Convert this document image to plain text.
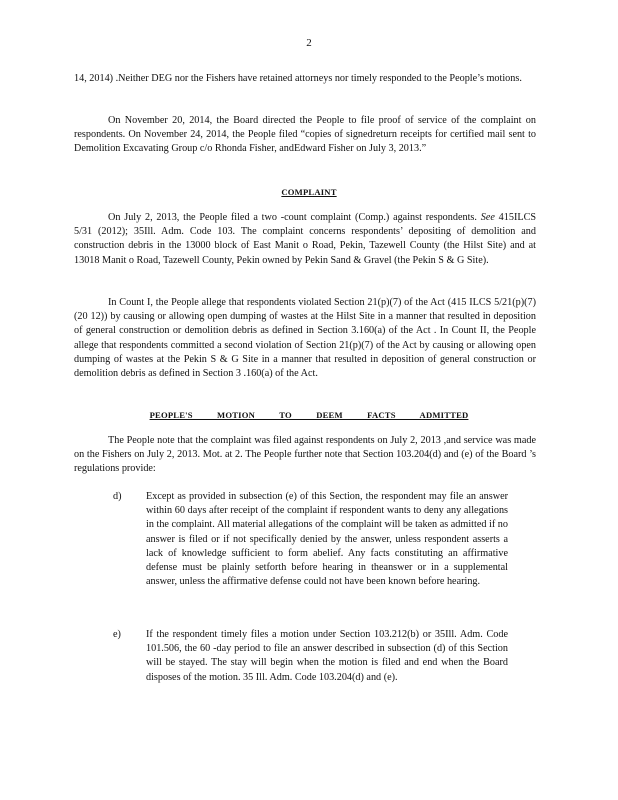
2

14, 2014) .Neither DEG nor the Fishers have retained attorneys nor timely responded to the People’s motions.

On November 20, 2014, the Board directed the People to file proof of service of the complaint on respondents. On November 24, 2014, the People filed “copies of signedreturn receipts for certified mail sent to Demolition Excavating Group c/o Rhonda Fisher, andEdward Fisher on July 3, 2013.”

COMPLAINT

On July 2, 2013, the People filed a two -count complaint (Comp.) against respondents. See 415ILCS 5/31 (2012); 35Ill. Adm. Code 103. The complaint concerns respondents’ depositing of demolition and construction debris in the 13000 block of East Manit o Road, Pekin, Tazewell County (the Hilst Site) and at 13018 Manit o Road, Tazewell County, Pekin owned by Pekin Sand & Gravel (the Pekin S & G Site).

In Count I, the People allege that respondents violated Section 21(p)(7) of the Act (415 ILCS 5/21(p)(7)(20 12)) by causing or allowing open dumping of wastes at the Hilst Site in a manner that resulted in deposition of general construction or demolition debris as defined in Section 3.160(a) of the Act . In Count II, the People allege that respondents committed a second violation of Section 21(p)(7) of the Act by causing or allowing open dumping of wastes at the Pekin S & G Site in a manner that resulted in deposition of general construction or demolition debris as defined in Section 3 .160(a) of the Act.

PEOPLE'S MOTION TO DEEM FACTS ADMITTED

The People note that the complaint was filed against respondents on July 2, 2013 ,and service was made on the Fishers on July 2, 2013. Mot. at 2. The People further note that Section 103.204(d) and (e) of the Board ’s regulations provide:

d) Except as provided in subsection (e) of this Section, the respondent may file an answer within 60 days after receipt of the complaint if respondent wants to deny any allegations in the complaint. All material allegations of the complaint will be taken as admitted if no answer is filed or if not specifically denied by the answer, unless respondent asserts a lack of knowledge sufficient to form abelief. Any facts constituting an affirmative defense must be plainly setforth before hearing in theanswer or in a supplemental answer, unless the affirmative defense could not have been known before hearing.

e) If the respondent timely files a motion under Section 103.212(b) or 35Ill. Adm. Code 101.506, the 60 -day period to file an answer described in subsection (d) of this Section will be stayed. The stay will begin when the motion is filed and end when the Board disposes of the motion. 35 Ill. Adm. Code 103.204(d) and (e).
